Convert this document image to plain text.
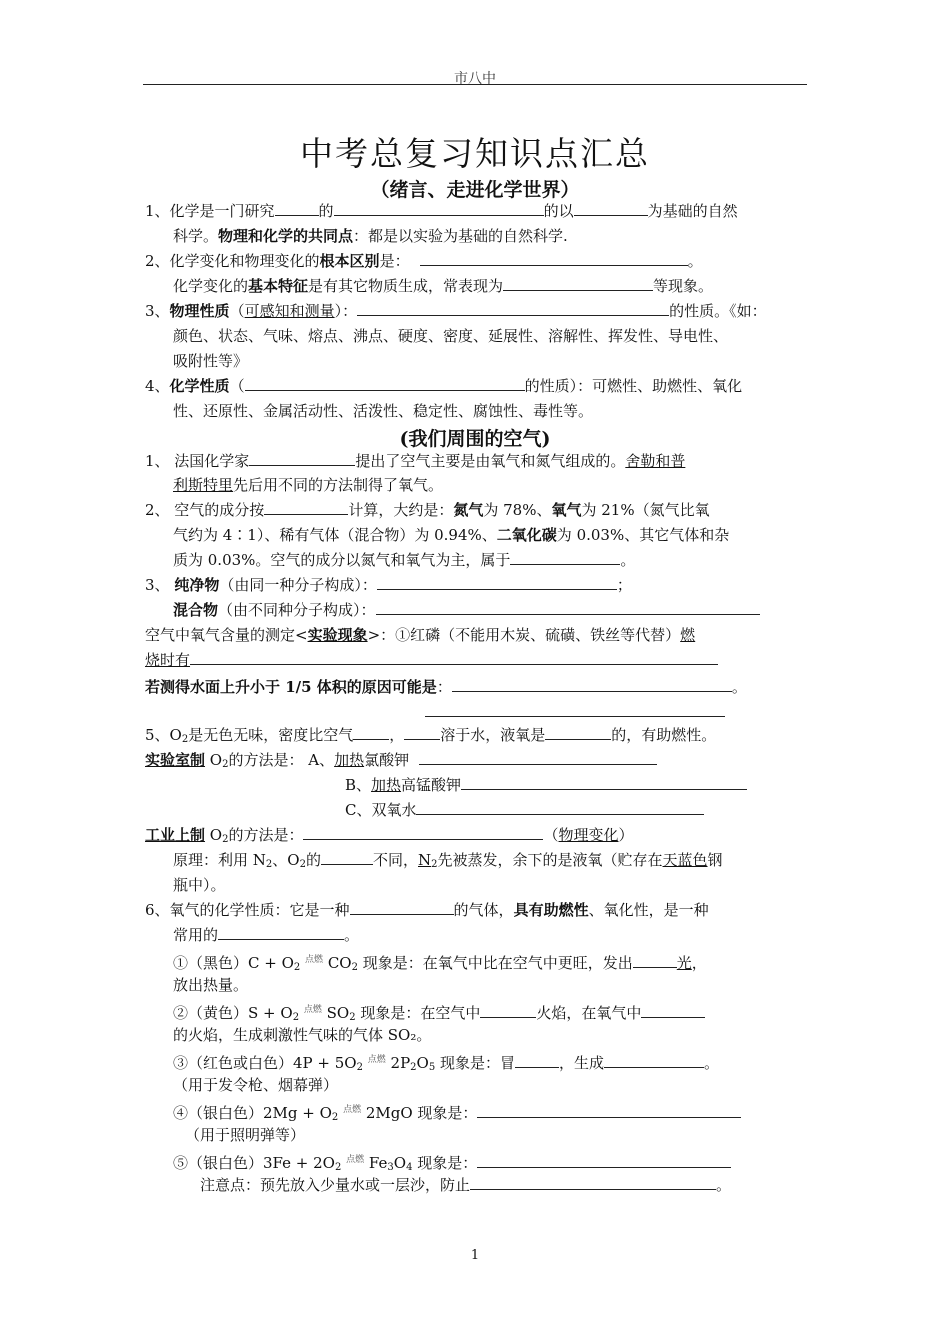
市八中
中考总复习知识点汇总
（绪言、走进化学世界）
1、化学是一门研究	的	的以	为基础的自然
科学。物理和化学的共同点：都是以实验为基础的自然科学.
2、化学变化和物理变化的根本区别是：	。
化学变化的基本特征是有其它物质生成，常表现为	等现象。
3、物理性质（可感知和测量）：	的性质。《如：
颜色、状态、气味、熔点、沸点、硬度、密度、延展性、溶解性、挥发性、导电性、
吸附性等》
4、化学性质（	的性质）：可燃性、助燃性、氧化
性、还原性、金属活动性、活泼性、稳定性、腐蚀性、毒性等。
(我们周围的空气)
1、 法国化学家	提出了空气主要是由氧气和氮气组成的。舍勒和普
利斯特里先后用不同的方法制得了氧气。
2、 空气的成分按	计算，大约是：氮气为 78%、氧气为 21%（氮气比氧
气约为 4∶1）、稀有气体（混合物）为 0.94%、二氧化碳为 0.03%、其它气体和杂
质为 0.03%。空气的成分以氮气和氧气为主，属于	。
3、 纯净物（由同一种分子构成）：	；
混合物（由不同种分子构成）：
空气中氧气含量的测定<实验现象>：①红磷（不能用木炭、硫磺、铁丝等代替）燃
烧时有
若测得水面上升小于 1/5 体积的原因可能是：	。
5、$O_2$是无色无味，密度比空气 ， 溶于水，液氧是	的，有助燃性。
实验室制 $O_2$的方法是： A、加热氯酸钾
B、加热高锰酸钾
C、双氧水
工业上制 $O_2$的方法是：	（物理变化）
原理：利用 $N_2$、$O_2$的	不同，$N_2$先被蒸发，余下的是液氧（贮存在天蓝色钢
瓶中）。
6、氧气的化学性质：它是一种	的气体，具有助燃性、氧化性，是一种
常用的	。
①（黑色）$C + O_2$ $^{点燃}$ $CO_2$ 现象是：在氧气中比在空气中更旺，发出	光，
放出热量。
②（黄色）$S + O_2$ $^{点燃}$ $SO_2$ 现象是：在空气中	火焰，在氧气中
的火焰，生成刺激性气味的气体 SO₂。
③（红色或白色）$4P + 5O_2$ $^{点燃}$ $2P_2O_5$ 现象是：冒	，生成	。
（用于发令枪、烟幕弹）
④（银白色）$2Mg + O_2$ $^{点燃}$ 2MgO 现象是：
（用于照明弹等）
⑤（银白色）$3Fe + 2O_2$ $^{点燃}$ $Fe_3O_4$ 现象是：
注意点：预先放入少量水或一层沙，防止	。
1
